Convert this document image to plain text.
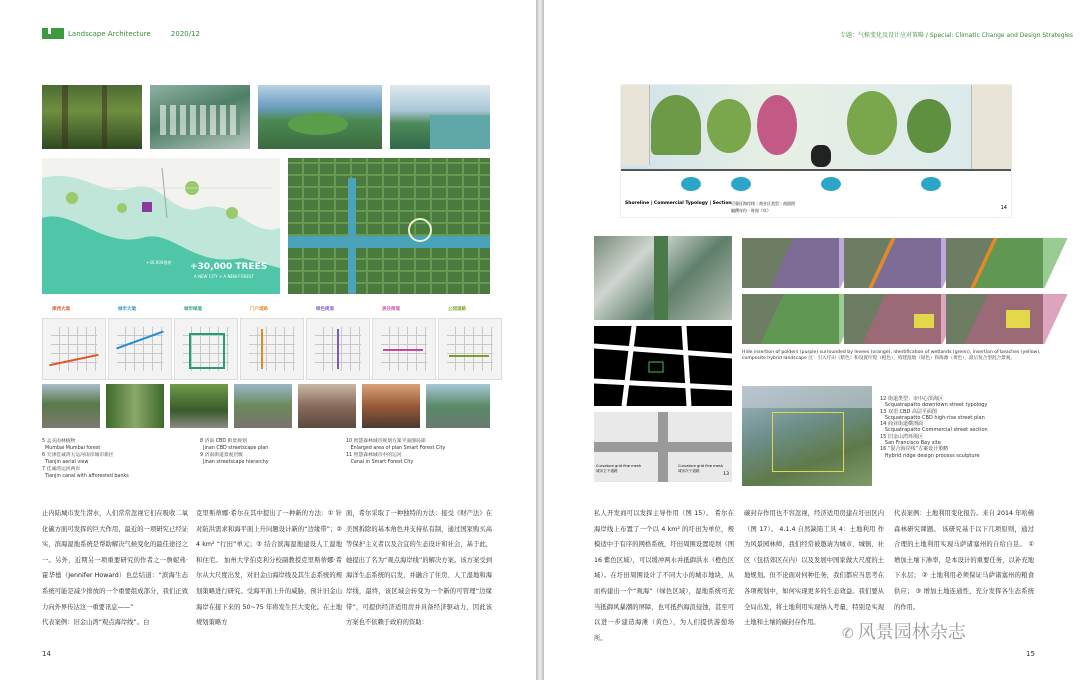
Landscape Architecture	2020/12
+30,000植树 +30,000 TREES
A NEW CITY + A NEW FOREST
津西大道	城市大道	城市绿道	门户道路	绿色街道	居住街道	公园道路
5 孟买雨林植物
Mumbai Mumbai forest
6 天津佳诚湾大运河南岸城市新区
Tianjin aerial view
7 佳诚湾运河两岸
Tianjin canal with afforested banks
8 济南 CBD 街景规划
Jinan CBD streetscape plan
9 济南街道景观层级
Jinan streetscape hierarchy
10 智慧森林城市规划方案平面图局部
Enlarged area of plan Smart Forest City
11 智慧森林城市中的运河
Canal in Smart Forest City
止内陆城市发生涝水，人们常常忽视它们在吸收二氧化碳方面可发挥的巨大作用，最近的一项研究已经证实，滨海湿地系统是帮助解决气候变化的最佳途径之一。另外，近期另一项重要研究的作者之一詹妮弗·霍华德（Jennifer Howard）也总结道：“滨海生态系统可能是减少排放的一个重要组成部分，我们正致力向外界传达这一重要讯息——”
代表案例：旧金山湾“观点海岸线”。白
克里斯蒂娜·希尔在其中提出了一种新的方法：① 针对防洪需求和海平面上升问题设计新的“边缘带”；② 4 km² “行田”单元；③ 结合滨海湿地建设人工湿地和住宅。 加州大学伯克利分校副教授克里斯蒂娜·希尔从大尺度出发，对旧金山海岸线及其生态系统的规划策略进行研究。受海平面上升的威胁，预计旧金山海岸在接下来的 50~75 年将发生巨大变化。在土地规划策略方
面，希尔采取了一种独特的方法：接受《财产法》在美国拆除的基本角色并支持私有制，通过国家购买高等保护主义者以及合宜的生态设计和社会，基于此，她提出了名为“观点海岸线”的解决方案。该方案受到海洋生态系统的启发，并融合了住房、人工湿地和海岸线，最终，该区域会转变为一个新的可管理“边缘带”，可提供经济适用房并具备经济驱动力，因此该方案也不依赖于政府的资助：
14
专题：气候变化及设计应对策略 / Special: Climatic Change and Design Strategies
Shoreline | Commercial Typology | Section 可靠区海岸线｜商业区类型｜剖面图
编撰年份 · 时间（年）	14
Curvature grid fine mesh
城市主干道路
Curvature grid fine mesh
城市次干道路
13
Hide insertion of polders (purple) surrounded by levees (orange), identification of wetlands (green), insertion of beaches (yellow), composite hybrid landscape 注：引入圩田（紫色）和设置圩堤（橙色），构建湿地（绿色）和海滩（黄色），最后复合型混合景观。
12 街道类型：市中心滨海区
Scquatrapatto downtown street typology
13 双语 CBD 高层平面图
Scquatrapatto CBD high-rise street plan
14 商业街道横剖面
Scquatrapatto Commercial street section
15 旧金山湾环境区
San Francisco Bay site
16 “混合海岸线”方案设计策略
Hybrid ridge design process sculpture
私人开发商可以发挥主导作用（图 15）。 希尔在海岸线上布置了一个以 4 km² 的圩田为单位，规模适中于有序的网格系统，圩田周围设置堤坝（图 16 紫色区域），可以缓冲两水并抵御洪水（橙色区域）。在圩田周围设计了不同大小的城市地块，从而构建出一个“观海”（绿色区域），湿地系统可充当抵御风暴潮的屏障，也可抵挡海浪侵蚀，甚至可以进一步建造海滩（黄色），为人们提供游憩场所。
碳封存作用也不容忽视，经济适用房建在圩田区内（图 17）。 4.1.4 自然缺陷工具 4：土地利用 作为风景园林师，我们经常被邀请为城市、城镇、社区（包括郊区在内）以及发展中国家做大尺度的土地规划。但不论面对何种任务，我们都应当思考在各项规划中，如何实现更多的生态效益。我们要从全局出发，将土地利用实现纳入考量，特别是实现土地和土壤的碳封存作用。
代表案例：土地利用变化报告。来自 2014 年哈佛森林研究课题。 该研究基于以下几项原则，通过合理的土地利用实现马萨诸塞州的自给自足。 ① 增加土壤下渗率，是本设计的重要任务，以补充地下水层； ② 土地利用必须保证马萨诸塞州的粮食供应； ③ 增加土地连通性，充分发挥各生态系统的作用。
✆ 风景园林杂志
15
